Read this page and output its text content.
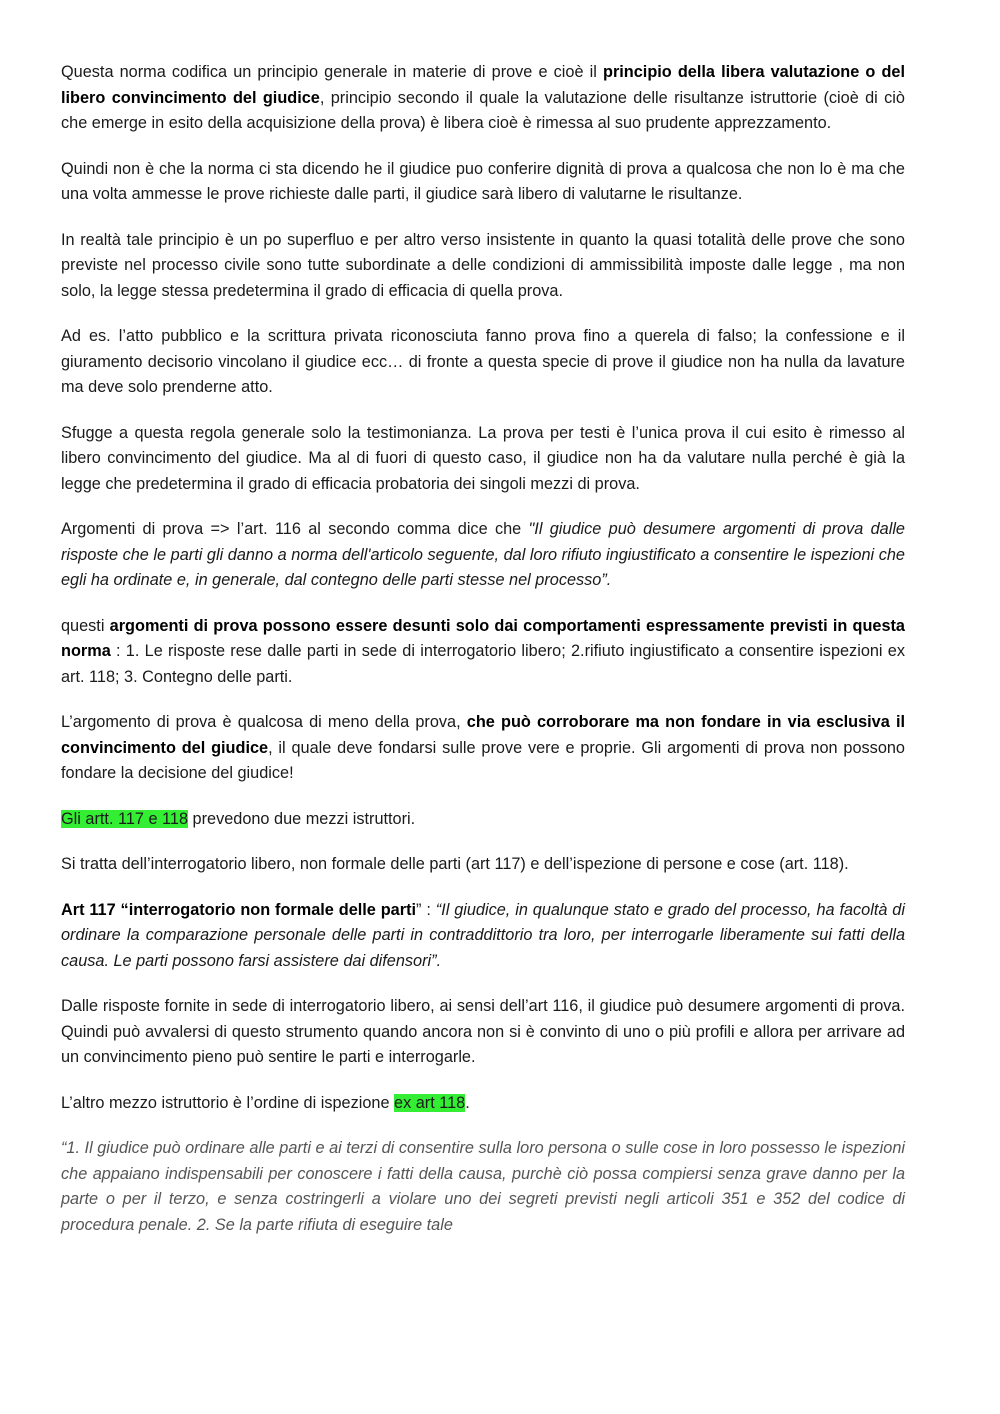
Questa norma codifica un principio generale in materie di prove e cioè il principio della libera valutazione o del libero convincimento del giudice, principio secondo il quale la valutazione delle risultanze istruttorie (cioè di ciò che emerge in esito della acquisizione della prova) è libera cioè è rimessa al suo prudente apprezzamento.

Quindi non è che la norma ci sta dicendo he il giudice puo conferire dignità di prova a qualcosa che non lo è ma che una volta ammesse le prove richieste dalle parti, il giudice sarà libero di valutarne le risultanze.

In realtà tale principio è un po superfluo e per altro verso insistente in quanto la quasi totalità delle prove che sono previste nel processo civile sono tutte subordinate a delle condizioni di ammissibilità imposte dalle legge , ma non solo, la legge stessa predetermina il grado di efficacia di quella prova.

Ad es. l’atto pubblico e la scrittura privata riconosciuta fanno prova fino a querela di falso; la confessione e il giuramento decisorio vincolano il giudice ecc… di fronte a questa specie di prove il giudice non ha nulla da lavature ma deve solo prenderne atto.

Sfugge a questa regola generale solo la testimonianza. La prova per testi è l’unica prova il cui esito è rimesso al libero convincimento del giudice. Ma al di fuori di questo caso, il giudice non ha da valutare nulla perché è già la legge che predetermina il grado di efficacia probatoria dei singoli mezzi di prova.

Argomenti di prova => l’art. 116 al secondo comma dice che "Il giudice può desumere argomenti di prova dalle risposte che le parti gli danno a norma dell'articolo seguente, dal loro rifiuto ingiustificato a consentire le ispezioni che egli ha ordinate e, in generale, dal contegno delle parti stesse nel processo”.

questi argomenti di prova possono essere desunti solo dai comportamenti espressamente previsti in questa norma : 1. Le risposte rese dalle parti in sede di interrogatorio libero; 2.rifiuto ingiustificato a consentire ispezioni ex art. 118; 3. Contegno delle parti.

L’argomento di prova è qualcosa di meno della prova, che può corroborare ma non fondare in via esclusiva il convincimento del giudice, il quale deve fondarsi sulle prove vere e proprie. Gli argomenti di prova non possono fondare la decisione del giudice!

Gli artt. 117 e 118 prevedono due mezzi istruttori.

Si tratta dell’interrogatorio libero, non formale delle parti (art 117) e dell’ispezione di persone e cose (art. 118).

Art 117 “interrogatorio non formale delle parti” : “Il giudice, in qualunque stato e grado del processo, ha facoltà di ordinare la comparazione personale delle parti in contraddittorio tra loro, per interrogarle liberamente sui fatti della causa. Le parti possono farsi assistere dai difensori”.

Dalle risposte fornite in sede di interrogatorio libero, ai sensi dell’art 116, il giudice può desumere argomenti di prova. Quindi può avvalersi di questo strumento quando ancora non si è convinto di uno o più profili e allora per arrivare ad un convincimento pieno può sentire le parti e interrogarle.

L’altro mezzo istruttorio è l’ordine di ispezione ex art 118.

“1. Il giudice può ordinare alle parti e ai terzi di consentire sulla loro persona o sulle cose in loro possesso le ispezioni che appaiano indispensabili per conoscere i fatti della causa, purchè ciò possa compiersi senza grave danno per la parte o per il terzo, e senza costringerli a violare uno dei segreti previsti negli articoli 351 e 352 del codice di procedura penale. 2. Se la parte rifiuta di eseguire tale
